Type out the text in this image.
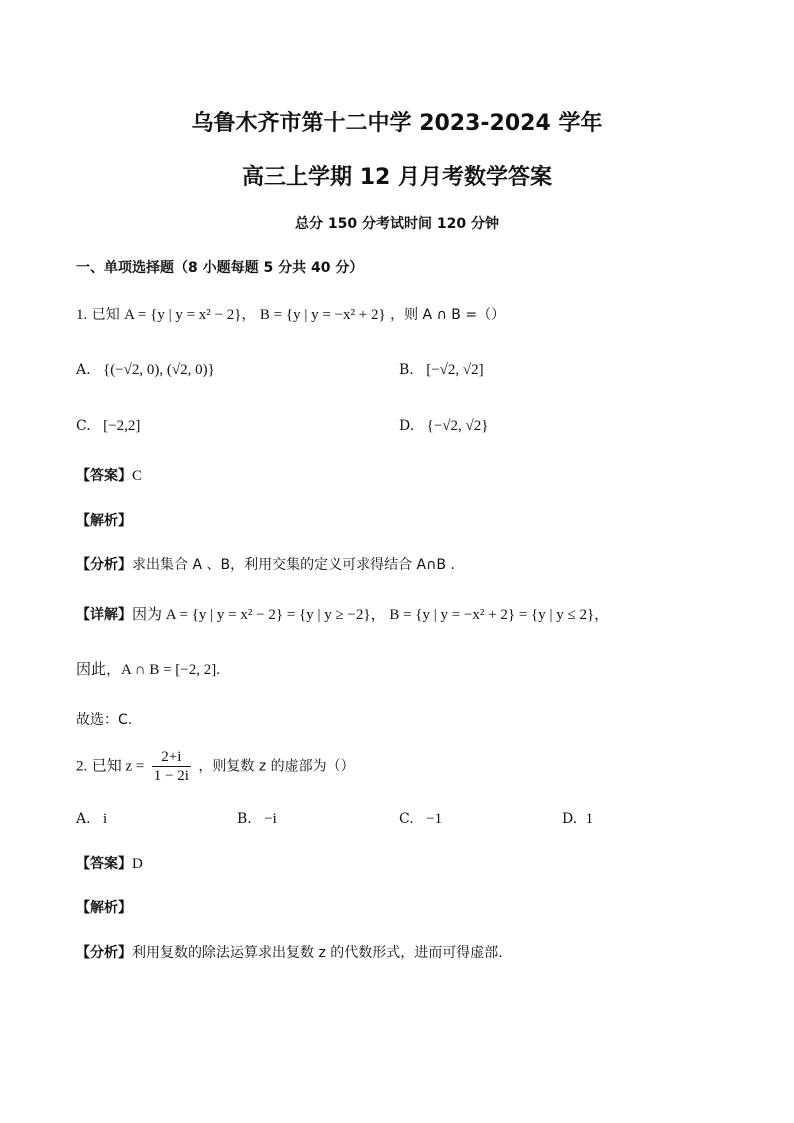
乌鲁木齐市第十二中学 2023-2024 学年
高三上学期 12 月月考数学答案
总分 150 分考试时间 120 分钟
一、单项选择题（8 小题每题 5 分共 40 分）
1. 已知 A = {y | y = x² − 2}， B = {y | y = −x² + 2} ，则 A ∩ B =（）
A. {(−√2, 0), (√2, 0)}	B. [−√2, √2]
C. [−2,2]	D. {−√2, √2}
【答案】C
【解析】
【分析】求出集合 A 、B，利用交集的定义可求得结合 A∩B .
【详解】因为 A = {y | y = x² − 2} = {y | y ≥ −2}， B = {y | y = −x² + 2} = {y | y ≤ 2}，
因此，A ∩ B = [−2, 2].
故选：C.
2. 已知 $z = \frac{2+i}{1 - 2i}$ ，则复数 z 的虚部为（）
A. i	B. −i	C. −1	D. 1
【答案】D
【解析】
【分析】利用复数的除法运算求出复数 z 的代数形式，进而可得虚部.
